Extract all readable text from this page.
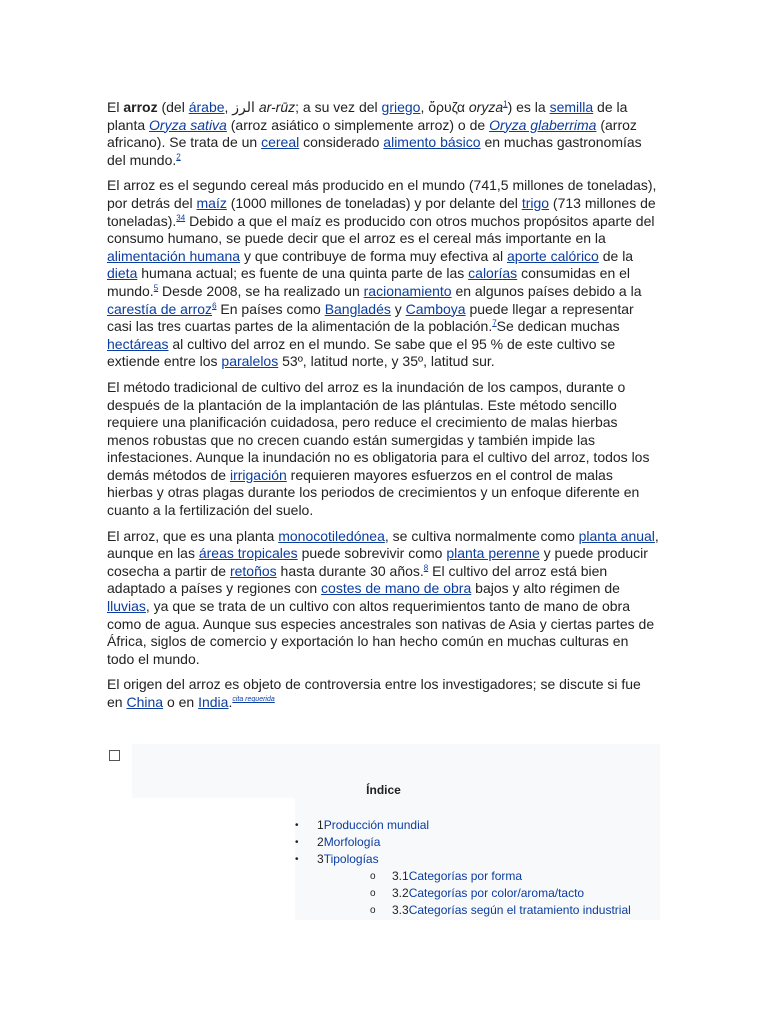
El arroz (del árabe, الرز ar-rūz; a su vez del griego, ὄρυζα oryza$^1$) es la semilla de la planta Oryza sativa (arroz asiático o simplemente arroz) o de Oryza glaberrima (arroz africano). Se trata de un cereal considerado alimento básico en muchas gastronomías del mundo.$^2$

El arroz es el segundo cereal más producido en el mundo (741,5 millones de toneladas), por detrás del maíz (1000 millones de toneladas) y por delante del trigo (713 millones de toneladas).$^{34}$ Debido a que el maíz es producido con otros muchos propósitos aparte del consumo humano, se puede decir que el arroz es el cereal más importante en la alimentación humana y que contribuye de forma muy efectiva al aporte calórico de la dieta humana actual; es fuente de una quinta parte de las calorías consumidas en el mundo.$^5$ Desde 2008, se ha realizado un racionamiento en algunos países debido a la carestía de arroz$^6$ En países como Bangladés y Camboya puede llegar a representar casi las tres cuartas partes de la alimentación de la población.$^7$Se dedican muchas hectáreas al cultivo del arroz en el mundo. Se sabe que el 95 % de este cultivo se extiende entre los paralelos 53º, latitud norte, y 35º, latitud sur.

El método tradicional de cultivo del arroz es la inundación de los campos, durante o después de la plantación de la implantación de las plántulas. Este método sencillo requiere una planificación cuidadosa, pero reduce el crecimiento de malas hierbas menos robustas que no crecen cuando están sumergidas y también impide las infestaciones. Aunque la inundación no es obligatoria para el cultivo del arroz, todos los demás métodos de irrigación requieren mayores esfuerzos en el control de malas hierbas y otras plagas durante los periodos de crecimientos y un enfoque diferente en cuanto a la fertilización del suelo.

El arroz, que es una planta monocotiledónea, se cultiva normalmente como planta anual, aunque en las áreas tropicales puede sobrevivir como planta perenne y puede producir cosecha a partir de retoños hasta durante 30 años.$^8$ El cultivo del arroz está bien adaptado a países y regiones con costes de mano de obra bajos y alto régimen de lluvias, ya que se trata de un cultivo con altos requerimientos tanto de mano de obra como de agua. Aunque sus especies ancestrales son nativas de Asia y ciertas partes de África, siglos de comercio y exportación lo han hecho común en muchas culturas en todo el mundo.

El origen del arroz es objeto de controversia entre los investigadores; se discute si fue en China o en India.$^{cita requerida}$

Índice
• 1Producción mundial
• 2Morfología
• 3Tipologías
o 3.1Categorías por forma
o 3.2Categorías por color/aroma/tacto
o 3.3Categorías según el tratamiento industrial
